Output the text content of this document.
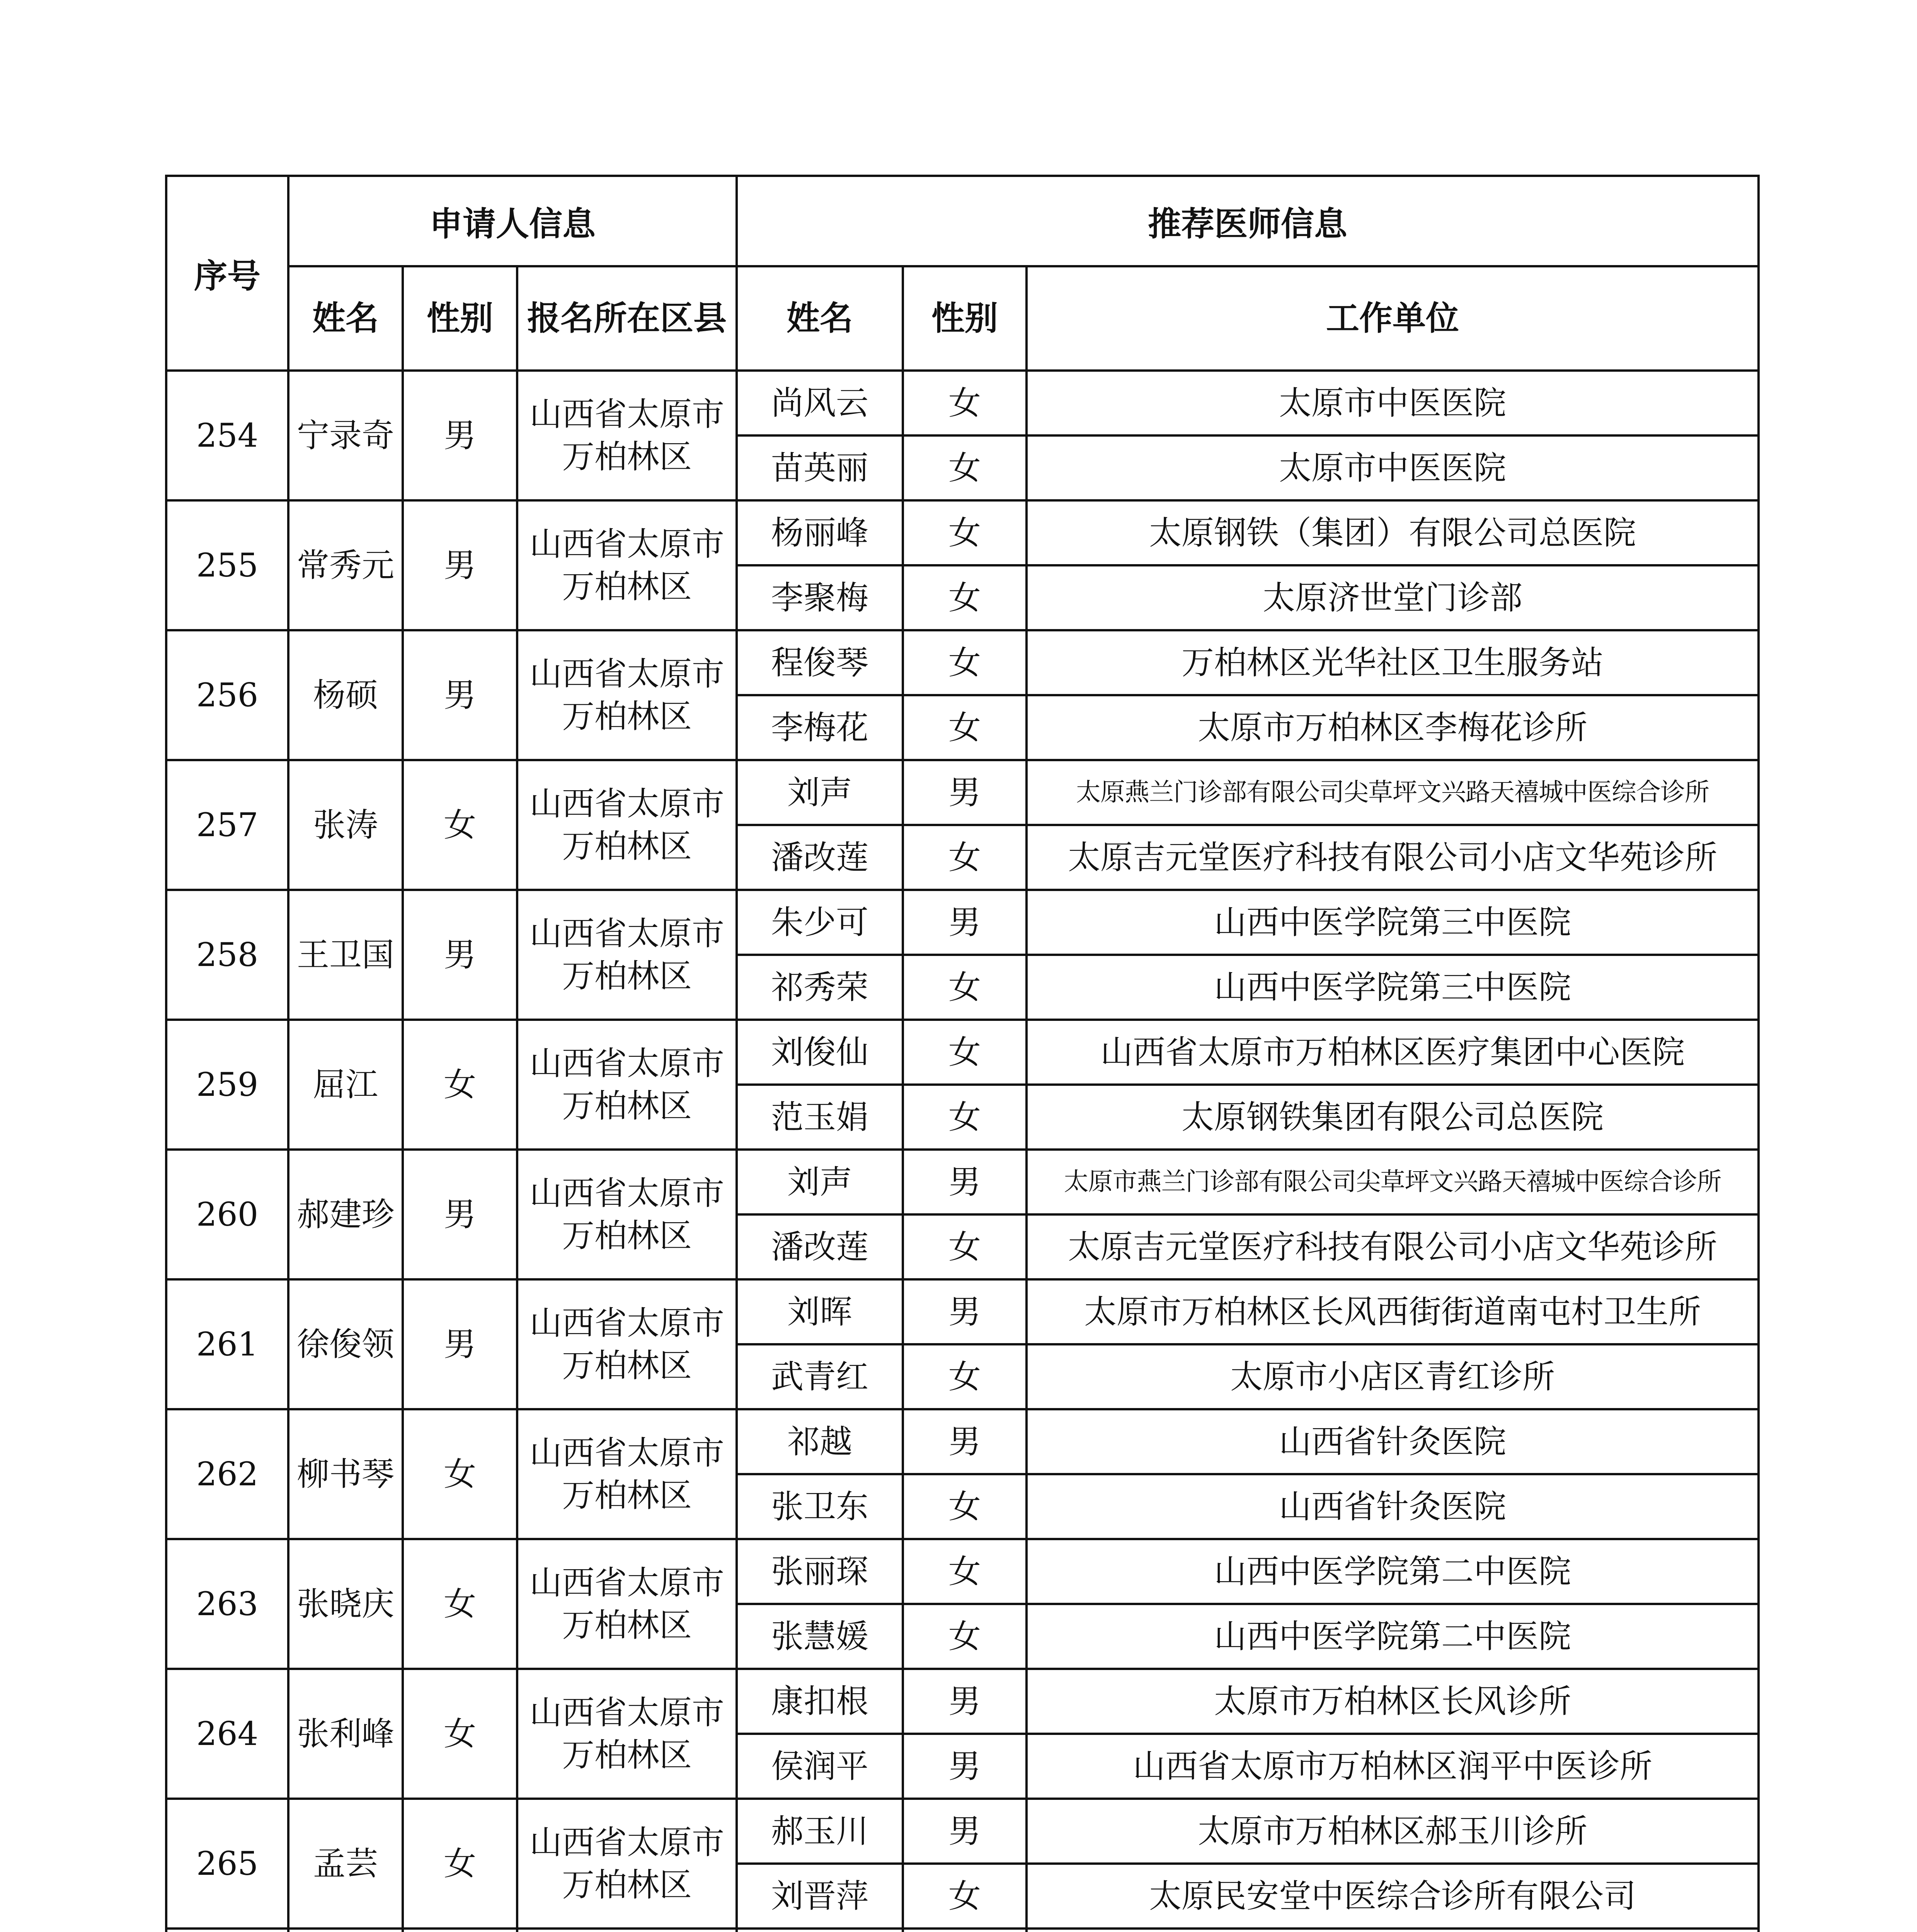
序号	申请人信息			推荐医师信息		
	姓名	性别	报名所在区县	姓名	性别	工作单位
254	宁录奇	男	山西省太原市万柏林区	尚风云	女	太原市中医医院
				苗英丽	女	太原市中医医院
255	常秀元	男	山西省太原市万柏林区	杨丽峰	女	太原钢铁（集团）有限公司总医院
				李聚梅	女	太原济世堂门诊部
256	杨硕	男	山西省太原市万柏林区	程俊琴	女	万柏林区光华社区卫生服务站
				李梅花	女	太原市万柏林区李梅花诊所
257	张涛	女	山西省太原市万柏林区	刘声	男	太原燕兰门诊部有限公司尖草坪文兴路天禧城中医综合诊所
				潘改莲	女	太原吉元堂医疗科技有限公司小店文华苑诊所
258	王卫国	男	山西省太原市万柏林区	朱少可	男	山西中医学院第三中医院
				祁秀荣	女	山西中医学院第三中医院
259	屈江	女	山西省太原市万柏林区	刘俊仙	女	山西省太原市万柏林区医疗集团中心医院
				范玉娟	女	太原钢铁集团有限公司总医院
260	郝建珍	男	山西省太原市万柏林区	刘声	男	太原市燕兰门诊部有限公司尖草坪文兴路天禧城中医综合诊所
				潘改莲	女	太原吉元堂医疗科技有限公司小店文华苑诊所
261	徐俊领	男	山西省太原市万柏林区	刘晖	男	太原市万柏林区长风西街街道南屯村卫生所
				武青红	女	太原市小店区青红诊所
262	柳书琴	女	山西省太原市万柏林区	祁越	男	山西省针灸医院
				张卫东	女	山西省针灸医院
263	张晓庆	女	山西省太原市万柏林区	张丽琛	女	山西中医学院第二中医院
				张慧媛	女	山西中医学院第二中医院
264	张利峰	女	山西省太原市万柏林区	康扣根	男	太原市万柏林区长风诊所
				侯润平	男	山西省太原市万柏林区润平中医诊所
265	孟芸	女	山西省太原市万柏林区	郝玉川	男	太原市万柏林区郝玉川诊所
				刘晋萍	女	太原民安堂中医综合诊所有限公司
